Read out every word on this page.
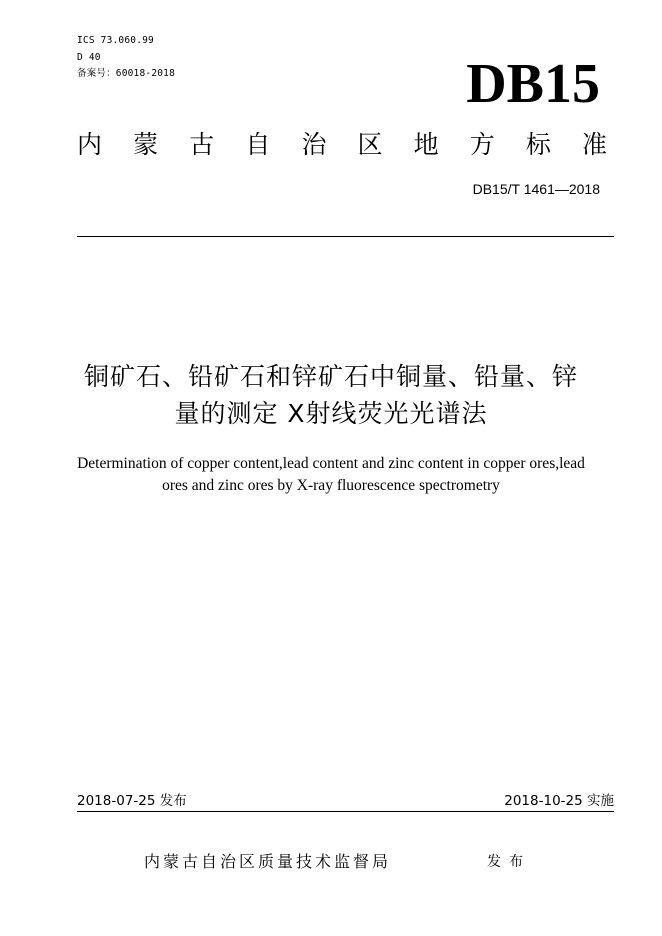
ICS 73.060.99
D 40
备案号：60018-2018	DB15
内 蒙 古 自 治 区 地 方 标 准
DB15/T 1461—2018
铜矿石、铅矿石和锌矿石中铜量、铅量、锌
量的测定 X射线荧光光谱法
Determination of copper content,lead content and zinc content in copper ores,lead
ores and zinc ores by X-ray fluorescence spectrometry
2018-07-25 发布	2018-10-25 实施
内蒙古自治区质量技术监督局	发布
